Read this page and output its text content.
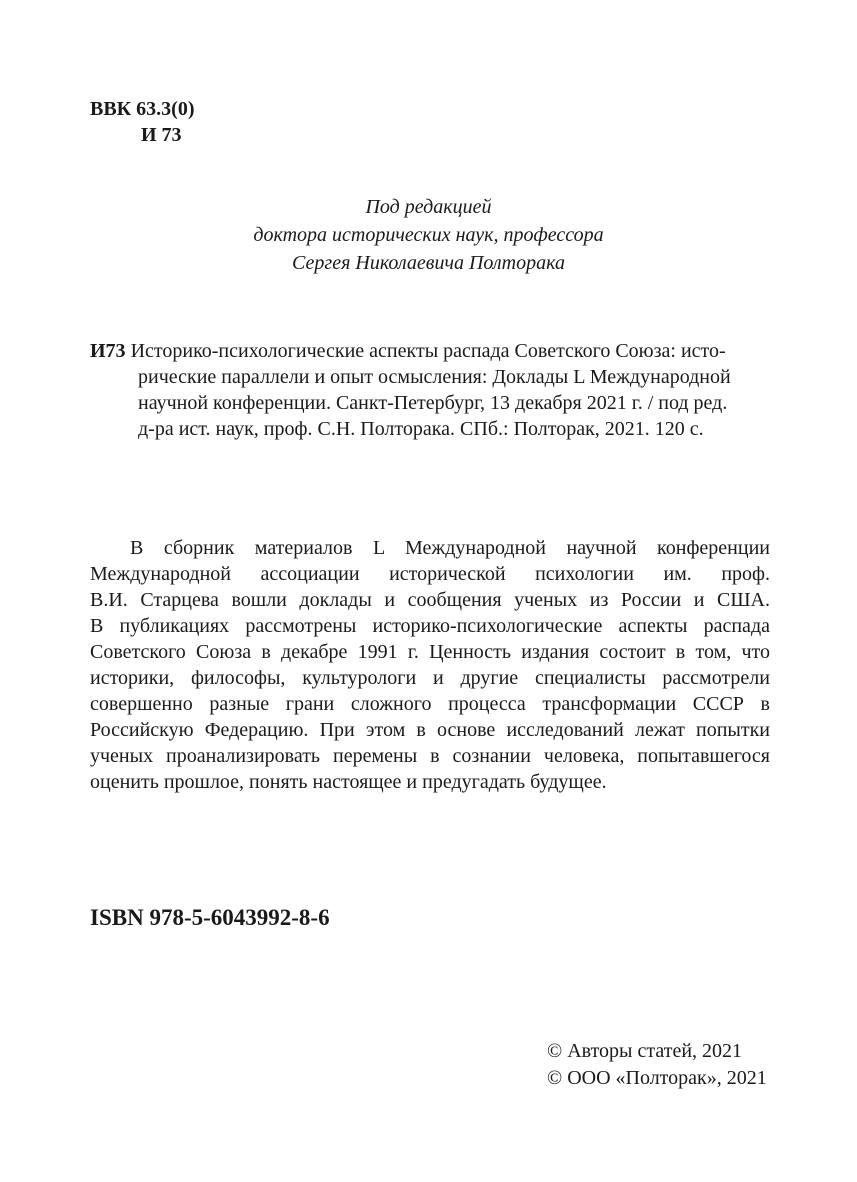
ВВК 63.3(0)
И 73
Под редакцией
доктора исторических наук, профессора
Сергея Николаевича Полторака
И73 Историко-психологические аспекты распада Советского Союза: исто-
рические параллели и опыт осмысления: Доклады L Международной
научной конференции. Санкт-Петербург, 13 декабря 2021 г. / под ред.
д-ра ист. наук, проф. С.Н. Полторака. СПб.: Полторак, 2021. 120 с.
В сборник материалов L Международной научной конференции
Международной ассоциации исторической психологии им. проф.
В.И. Старцева вошли доклады и сообщения ученых из России и США.
В публикациях рассмотрены историко-психологические аспекты распада
Советского Союза в декабре 1991 г. Ценность издания состоит в том, что
историки, философы, культурологи и другие специалисты рассмотрели
совершенно разные грани сложного процесса трансформации СССР в
Российскую Федерацию. При этом в основе исследований лежат попытки
ученых проанализировать перемены в сознании человека, попытавшегося
оценить прошлое, понять настоящее и предугадать будущее.
ISBN 978-5-6043992-8-6
© Авторы статей, 2021
© ООО «Полторак», 2021
